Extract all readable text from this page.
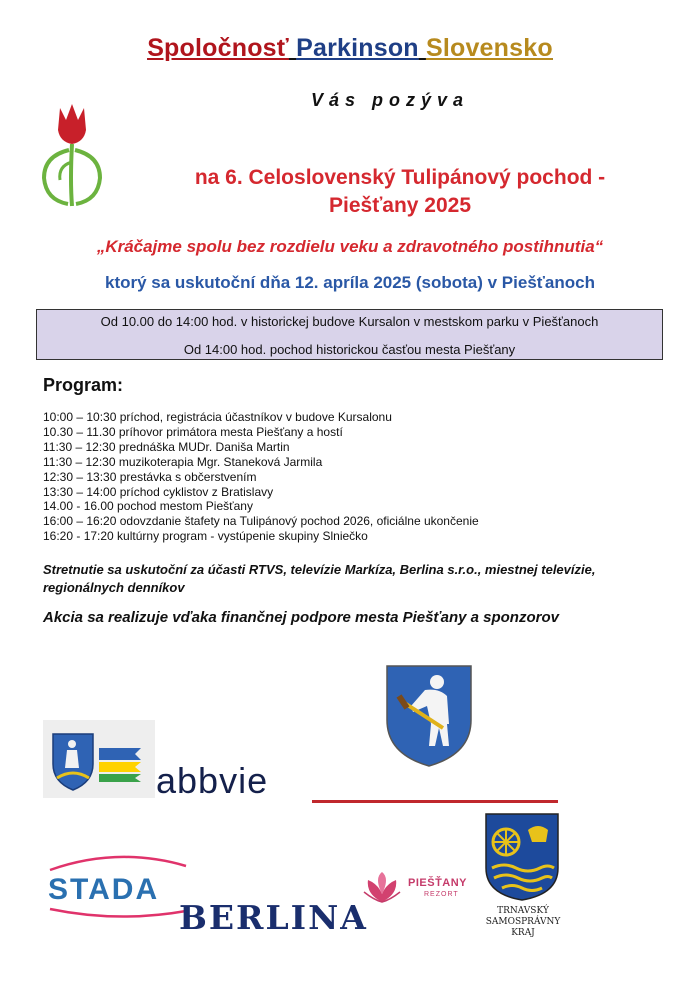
Spoločnosť Parkinson Slovensko
Vás pozýva
na 6. Celoslovenský Tulipánový pochod -
Piešťany 2025
„Kráčajme spolu bez rozdielu veku a zdravotného postihnutia“
ktorý sa uskutoční dňa 12. apríla 2025 (sobota) v Piešťanoch
Od 10.00 do 14:00 hod. v historickej budove Kursalon v mestskom parku v Piešťanoch
Od 14:00 hod. pochod historickou časťou mesta Piešťany
Program:
10:00 – 10:30 príchod, registrácia účastníkov v budove Kursalonu
10.30 – 11.30 príhovor primátora mesta Piešťany a hostí
11:30 – 12:30 prednáška MUDr. Daniša Martin
11:30 – 12:30 muzikoterapia Mgr. Staneková Jarmila
12:30 – 13:30 prestávka s občerstvením
13:30 – 14:00 príchod cyklistov z Bratislavy
14.00 - 16.00 pochod mestom Piešťany
16:00 – 16:20 odovzdanie štafety na Tulipánový pochod 2026, oficiálne ukončenie
16:20 - 17:20 kultúrny program - vystúpenie skupiny Slniečko
Stretnutie sa uskutoční za účasti RTVS, televízie Markíza, Berlina s.r.o., miestnej televízie, regionálnych denníkov
Akcia sa realizuje vďaka finančnej podpore mesta Piešťany a sponzorov
abbvie
STADA
BERLINA
PIEŠŤANY
REZORT
TRNAVSKÝ
SAMOSPRÁVNY
KRAJ
